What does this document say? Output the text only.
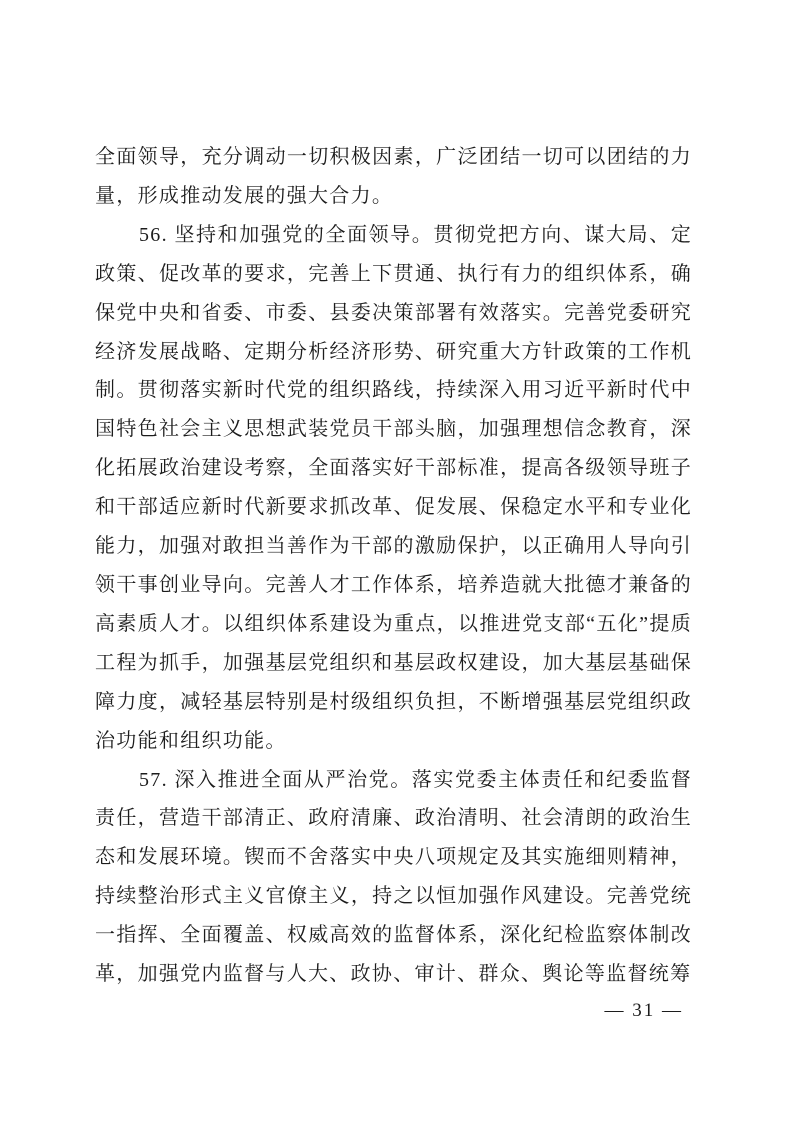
全面领导，充分调动一切积极因素，广泛团结一切可以团结的力量，形成推动发展的强大合力。

56. 坚持和加强党的全面领导。贯彻党把方向、谋大局、定政策、促改革的要求，完善上下贯通、执行有力的组织体系，确保党中央和省委、市委、县委决策部署有效落实。完善党委研究经济发展战略、定期分析经济形势、研究重大方针政策的工作机制。贯彻落实新时代党的组织路线，持续深入用习近平新时代中国特色社会主义思想武装党员干部头脑，加强理想信念教育，深化拓展政治建设考察，全面落实好干部标准，提高各级领导班子和干部适应新时代新要求抓改革、促发展、保稳定水平和专业化能力，加强对敢担当善作为干部的激励保护，以正确用人导向引领干事创业导向。完善人才工作体系，培养造就大批德才兼备的高素质人才。以组织体系建设为重点，以推进党支部“五化”提质工程为抓手，加强基层党组织和基层政权建设，加大基层基础保障力度，减轻基层特别是村级组织负担，不断增强基层党组织政治功能和组织功能。

57. 深入推进全面从严治党。落实党委主体责任和纪委监督责任，营造干部清正、政府清廉、政治清明、社会清朗的政治生态和发展环境。锲而不舍落实中央八项规定及其实施细则精神，持续整治形式主义官僚主义，持之以恒加强作风建设。完善党统一指挥、全面覆盖、权威高效的监督体系，深化纪检监察体制改革，加强党内监督与人大、政协、审计、群众、舆论等监督统筹

— 31 —
